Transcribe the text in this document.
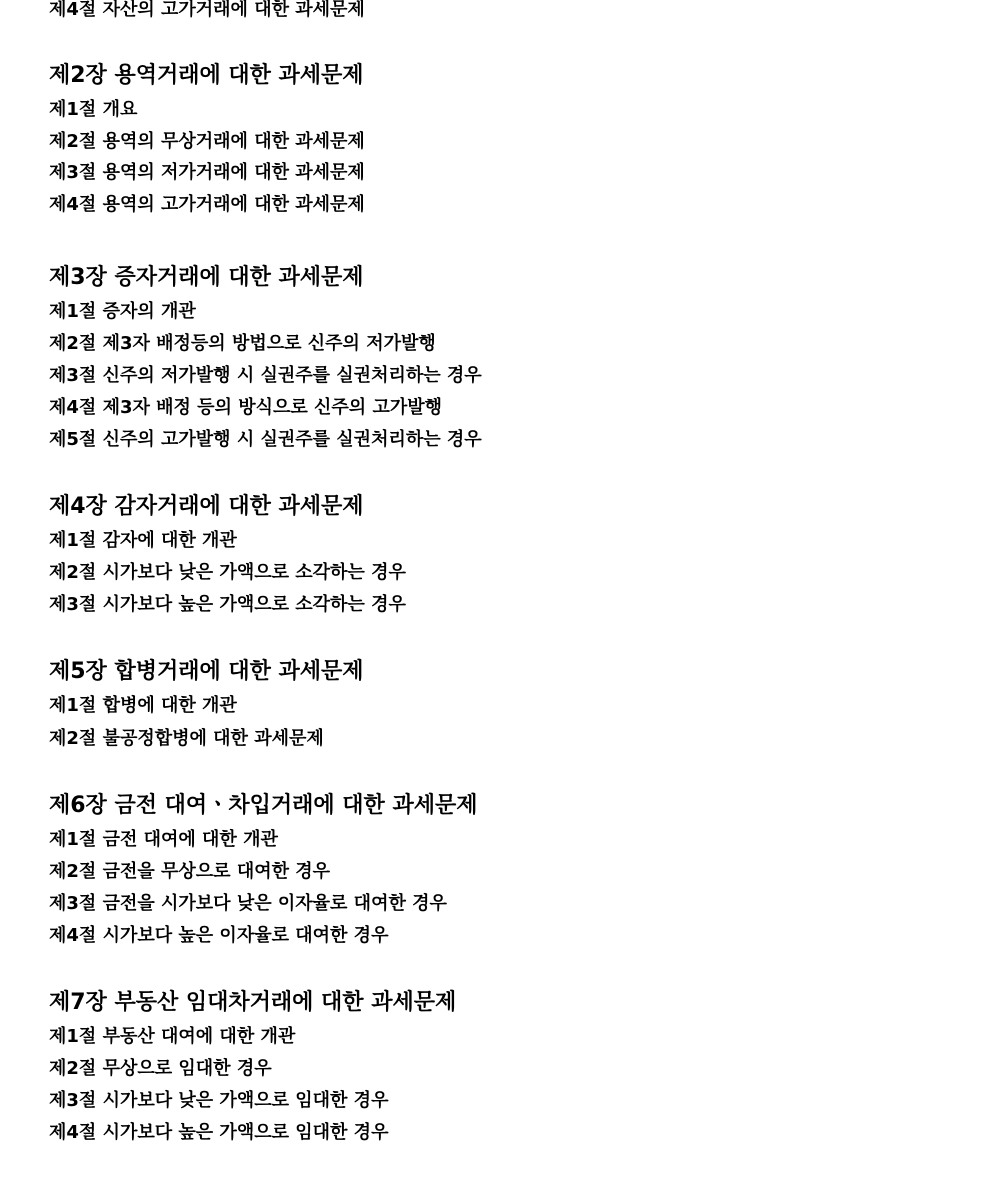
제4절 자산의 고가거래에 대한 과세문제
제2장 용역거래에 대한 과세문제
제1절 개요
제2절 용역의 무상거래에 대한 과세문제
제3절 용역의 저가거래에 대한 과세문제
제4절 용역의 고가거래에 대한 과세문제
제3장 증자거래에 대한 과세문제
제1절 증자의 개관
제2절 제3자 배정등의 방법으로 신주의 저가발행
제3절 신주의 저가발행 시 실권주를 실권처리하는 경우
제4절 제3자 배정 등의 방식으로 신주의 고가발행
제5절 신주의 고가발행 시 실권주를 실권처리하는 경우
제4장 감자거래에 대한 과세문제
제1절 감자에 대한 개관
제2절 시가보다 낮은 가액으로 소각하는 경우
제3절 시가보다 높은 가액으로 소각하는 경우
제5장 합병거래에 대한 과세문제
제1절 합병에 대한 개관
제2절 불공정합병에 대한 과세문제
제6장 금전 대여ㆍ차입거래에 대한 과세문제
제1절 금전 대여에 대한 개관
제2절 금전을 무상으로 대여한 경우
제3절 금전을 시가보다 낮은 이자율로 대여한 경우
제4절 시가보다 높은 이자율로 대여한 경우
제7장 부동산 임대차거래에 대한 과세문제
제1절 부동산 대여에 대한 개관
제2절 무상으로 임대한 경우
제3절 시가보다 낮은 가액으로 임대한 경우
제4절 시가보다 높은 가액으로 임대한 경우
